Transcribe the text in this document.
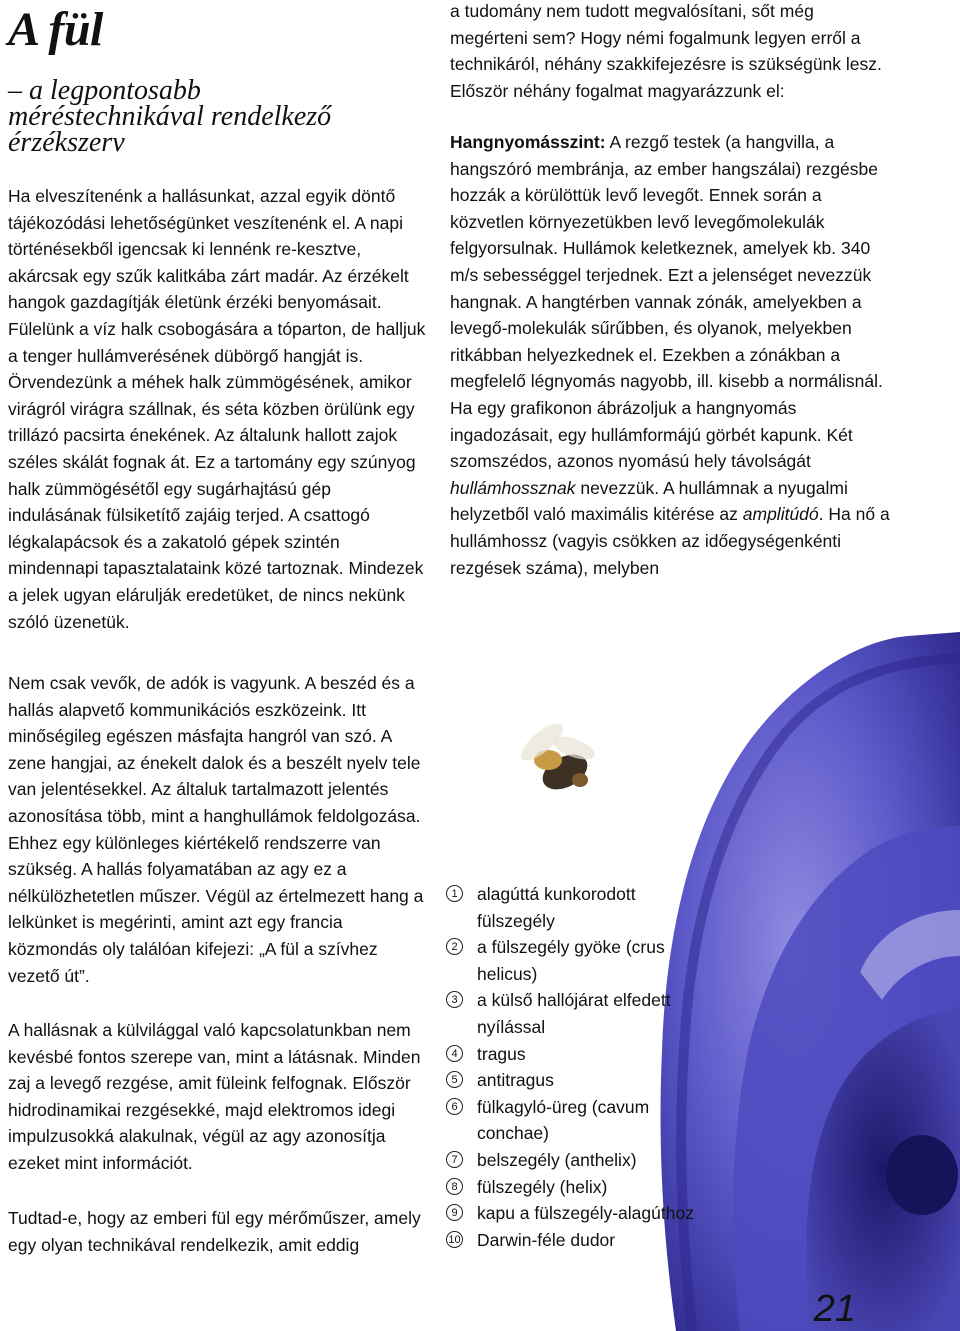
A fül
– a legpontosabb méréstechnikával rendelkező érzékszerv

Ha elveszítenénk a hallásunkat, azzal egyik döntő tájékozódási lehetőségünket veszítenénk el. A napi történésekből igencsak ki lennénk re-kesztve, akárcsak egy szűk kalitkába zárt madár. Az érzékelt hangok gazdagítják életünk érzéki benyomásait. Fülelünk a víz halk csobogására a tóparton, de halljuk a tenger hullámverésének dübörgő hangját is. Örvendezünk a méhek halk zümmögésének, amikor virágról virágra szállnak, és séta közben örülünk egy trillázó pacsirta énekének. Az általunk hallott zajok széles skálát fognak át. Ez a tartomány egy szúnyog halk zümmögésétől egy sugárhajtású gép indulásának fülsiketítő zajáig terjed. A csattogó légkalapácsok és a zakatoló gépek szintén mindennapi tapasztalataink közé tartoznak. Mindezek a jelek ugyan elárulják eredetüket, de nincs nekünk szóló üzenetük.

Nem csak vevők, de adók is vagyunk. A beszéd és a hallás alapvető kommunikációs eszközeink. Itt minőségileg egészen másfajta hangról van szó. A zene hangjai, az énekelt dalok és a beszélt nyelv tele van jelentésekkel. Az általuk tartalmazott jelentés azonosítása több, mint a hanghullámok feldolgozása. Ehhez egy különleges kiértékelő rendszerre van szükség. A hallás folyamatában az agy ez a nélkülözhetetlen műszer. Végül az értelmezett hang a lelkünket is megérinti, amint azt egy francia közmondás oly találóan kifejezi: „A fül a szívhez vezető út”.

A hallásnak a külvilággal való kapcsolatunkban nem kevésbé fontos szerepe van, mint a látásnak. Minden zaj a levegő rezgése, amit füleink felfognak. Először hidrodinamikai rezgésekké, majd elektromos idegi impulzusokká alakulnak, végül az agy azonosítja ezeket mint információt.

Tudtad-e, hogy az emberi fül egy mérőműszer, amely egy olyan technikával rendelkezik, amit eddig

a tudomány nem tudott megvalósítani, sőt még megérteni sem? Hogy némi fogalmunk legyen erről a technikáról, néhány szakkifejezésre is szükségünk lesz. Először néhány fogalmat magyarázzunk el:

Hangnyomásszint: A rezgő testek (a hangvilla, a hangszóró membránja, az ember hangszálai) rezgésbe hozzák a körülöttük levő levegőt. Ennek során a közvetlen környezetükben levő levegőmolekulák felgyorsulnak. Hullámok keletkeznek, amelyek kb. 340 m/s sebességgel terjednek. Ezt a jelenséget nevezzük hangnak. A hangtérben vannak zónák, amelyekben a levegő-molekulák sűrűbben, és olyanok, melyekben ritkábban helyezkednek el. Ezekben a zónákban a megfelelő légnyomás nagyobb, ill. kisebb a normálisnál. Ha egy grafikonon ábrázoljuk a hangnyomás ingadozásait, egy hullámformájú görbét kapunk. Két szomszédos, azonos nyomású hely távolságát hullámhossznak nevezzük. A hullámnak a nyugalmi helyzetből való maximális kitérése az amplitúdó. Ha nő a hullámhossz (vagyis csökken az időegységenkénti rezgések száma), melyben

1	alagúttá kunkorodott fülszegély
2	a fülszegély gyöke (crus helicus)
3	a külső hallójárat elfedett nyílással
4	tragus
5	antitragus
6	fülkagyló-üreg (cavum conchae)
7	belszegély (anthelix)
8	fülszegély (helix)
9	kapu a fülszegély-alagúthoz
10 Darwin-féle dudor
21
